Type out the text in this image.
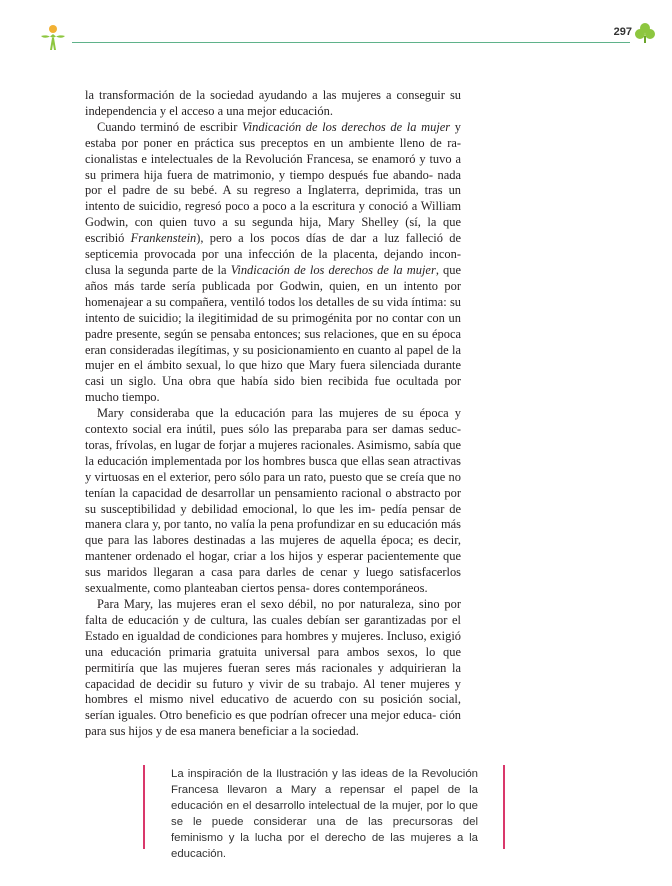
297

la transformación de la sociedad ayudando a las mujeres a conseguir su independencia y el acceso a una mejor educación.

Cuando terminó de escribir Vindicación de los derechos de la mujer y estaba por poner en práctica sus preceptos en un ambiente lleno de ra- cionalistas e intelectuales de la Revolución Francesa, se enamoró y tuvo a su primera hija fuera de matrimonio, y tiempo después fue abando- nada por el padre de su bebé. A su regreso a Inglaterra, deprimida, tras un intento de suicidio, regresó poco a poco a la escritura y conoció a William Godwin, con quien tuvo a su segunda hija, Mary Shelley (sí, la que escribió Frankenstein), pero a los pocos días de dar a luz falleció de septicemia provocada por una infección de la placenta, dejando incon- clusa la segunda parte de la Vindicación de los derechos de la mujer, que años más tarde sería publicada por Godwin, quien, en un intento por homenajear a su compañera, ventiló todos los detalles de su vida íntima: su intento de suicidio; la ilegitimidad de su primogénita por no contar con un padre presente, según se pensaba entonces; sus relaciones, que en su época eran consideradas ilegítimas, y su posicionamiento en cuanto al papel de la mujer en el ámbito sexual, lo que hizo que Mary fuera silenciada durante casi un siglo. Una obra que había sido bien recibida fue ocultada por mucho tiempo.

Mary consideraba que la educación para las mujeres de su época y contexto social era inútil, pues sólo las preparaba para ser damas seduc- toras, frívolas, en lugar de forjar a mujeres racionales. Asimismo, sabía que la educación implementada por los hombres busca que ellas sean atractivas y virtuosas en el exterior, pero sólo para un rato, puesto que se creía que no tenían la capacidad de desarrollar un pensamiento racional o abstracto por su susceptibilidad y debilidad emocional, lo que les im- pedía pensar de manera clara y, por tanto, no valía la pena profundizar en su educación más que para las labores destinadas a las mujeres de aquella época; es decir, mantener ordenado el hogar, criar a los hijos y esperar pacientemente que sus maridos llegaran a casa para darles de cenar y luego satisfacerlos sexualmente, como planteaban ciertos pensa- dores contemporáneos.

Para Mary, las mujeres eran el sexo débil, no por naturaleza, sino por falta de educación y de cultura, las cuales debían ser garantizadas por el Estado en igualdad de condiciones para hombres y mujeres. Incluso, exigió una educación primaria gratuita universal para ambos sexos, lo que permitiría que las mujeres fueran seres más racionales y adquirieran la capacidad de decidir su futuro y vivir de su trabajo. Al tener mujeres y hombres el mismo nivel educativo de acuerdo con su posición social, serían iguales. Otro beneficio es que podrían ofrecer una mejor educa- ción para sus hijos y de esa manera beneficiar a la sociedad.

La inspiración de la Ilustración y las ideas de la Revolución Francesa llevaron a Mary a repensar el papel de la educación en el desarrollo intelectual de la mujer, por lo que se le puede considerar una de las precursoras del feminismo y la lucha por el derecho de las mujeres a la educación.
